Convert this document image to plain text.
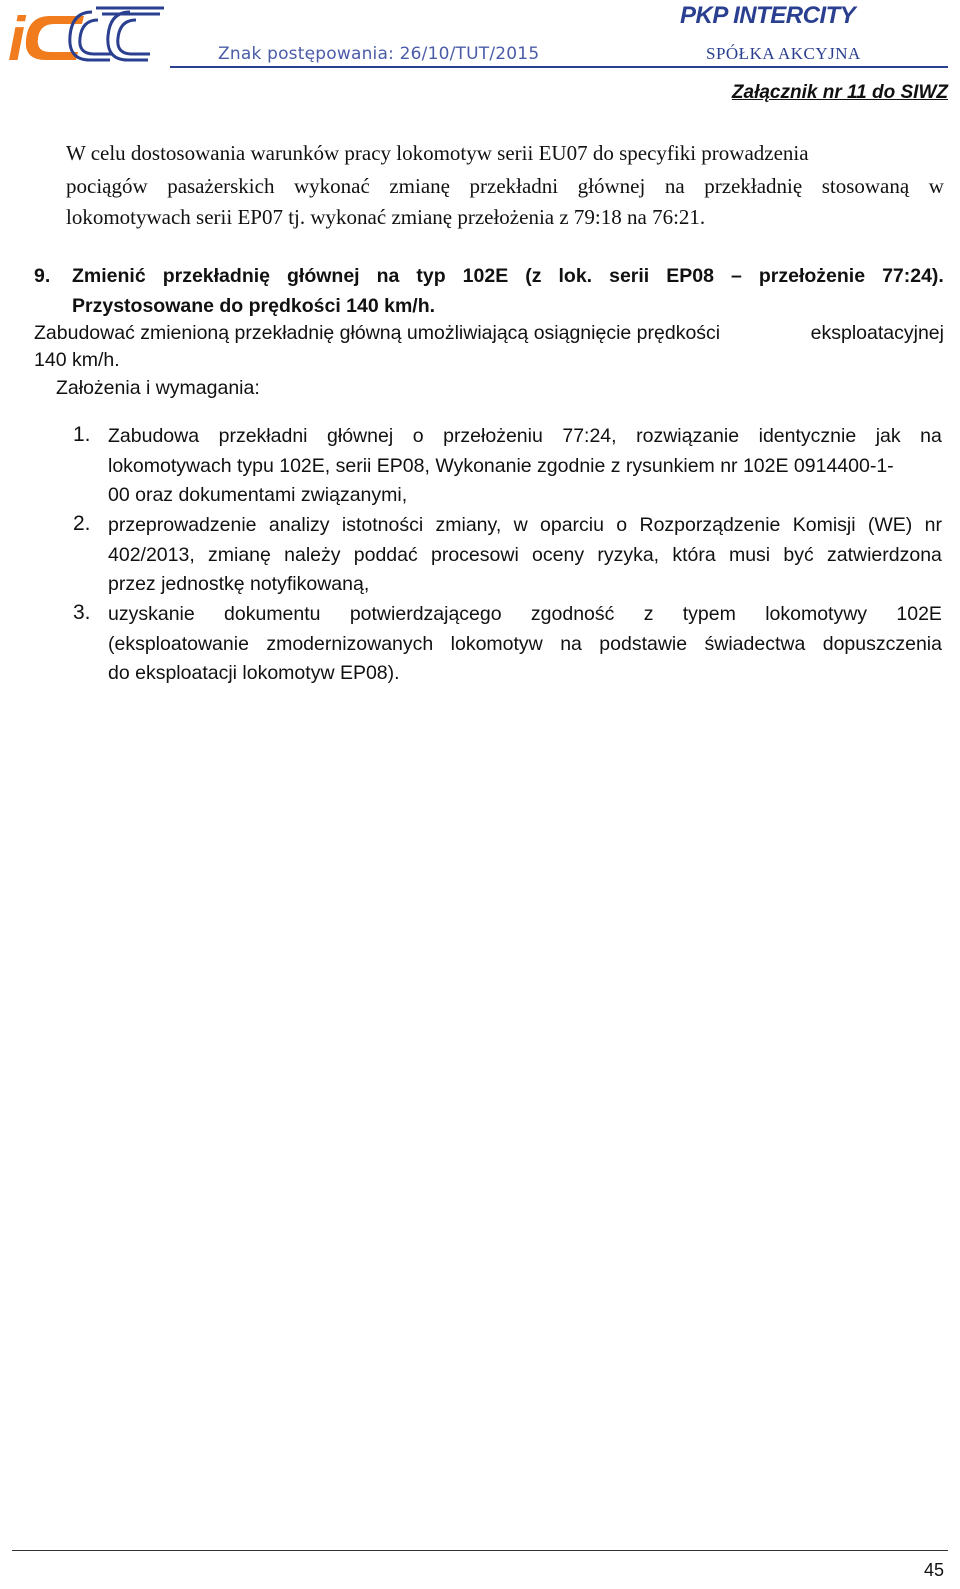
i	Znak postępowania: 26/10/TUT/2015
PKP INTERCITY
SPÓŁKA AKCYJNA
Załącznik nr 11 do SIWZ
W celu dostosowania warunków pracy lokomotyw serii EU07 do specyfiki prowadzenia
pociągów pasażerskich wykonać zmianę przekładni głównej na przekładnię stosowaną w
lokomotywach serii EP07 tj. wykonać zmianę przełożenia z 79:18 na 76:21.
9. Zmienić przekładnię głównej na typ 102E (z lok. serii EP08 – przełożenie 77:24).
Przystosowane do prędkości 140 km/h.
Zabudować zmienioną przekładnię główną umożliwiającą osiągnięcie prędkości	eksploatacyjnej
140 km/h.
Założenia i wymagania:
1. Zabudowa przekładni głównej o przełożeniu 77:24, rozwiązanie identycznie jak na
lokomotywach typu 102E, serii EP08, Wykonanie zgodnie z rysunkiem nr 102E 0914400-1-
00 oraz dokumentami związanymi,
2. przeprowadzenie analizy istotności zmiany, w oparciu o Rozporządzenie Komisji (WE) nr
402/2013, zmianę należy poddać procesowi oceny ryzyka, która musi być zatwierdzona
przez jednostkę notyfikowaną,
3. uzyskanie dokumentu potwierdzającego zgodność z typem lokomotywy 102E
(eksploatowanie zmodernizowanych lokomotyw na podstawie świadectwa dopuszczenia
do eksploatacji lokomotyw EP08).
45
